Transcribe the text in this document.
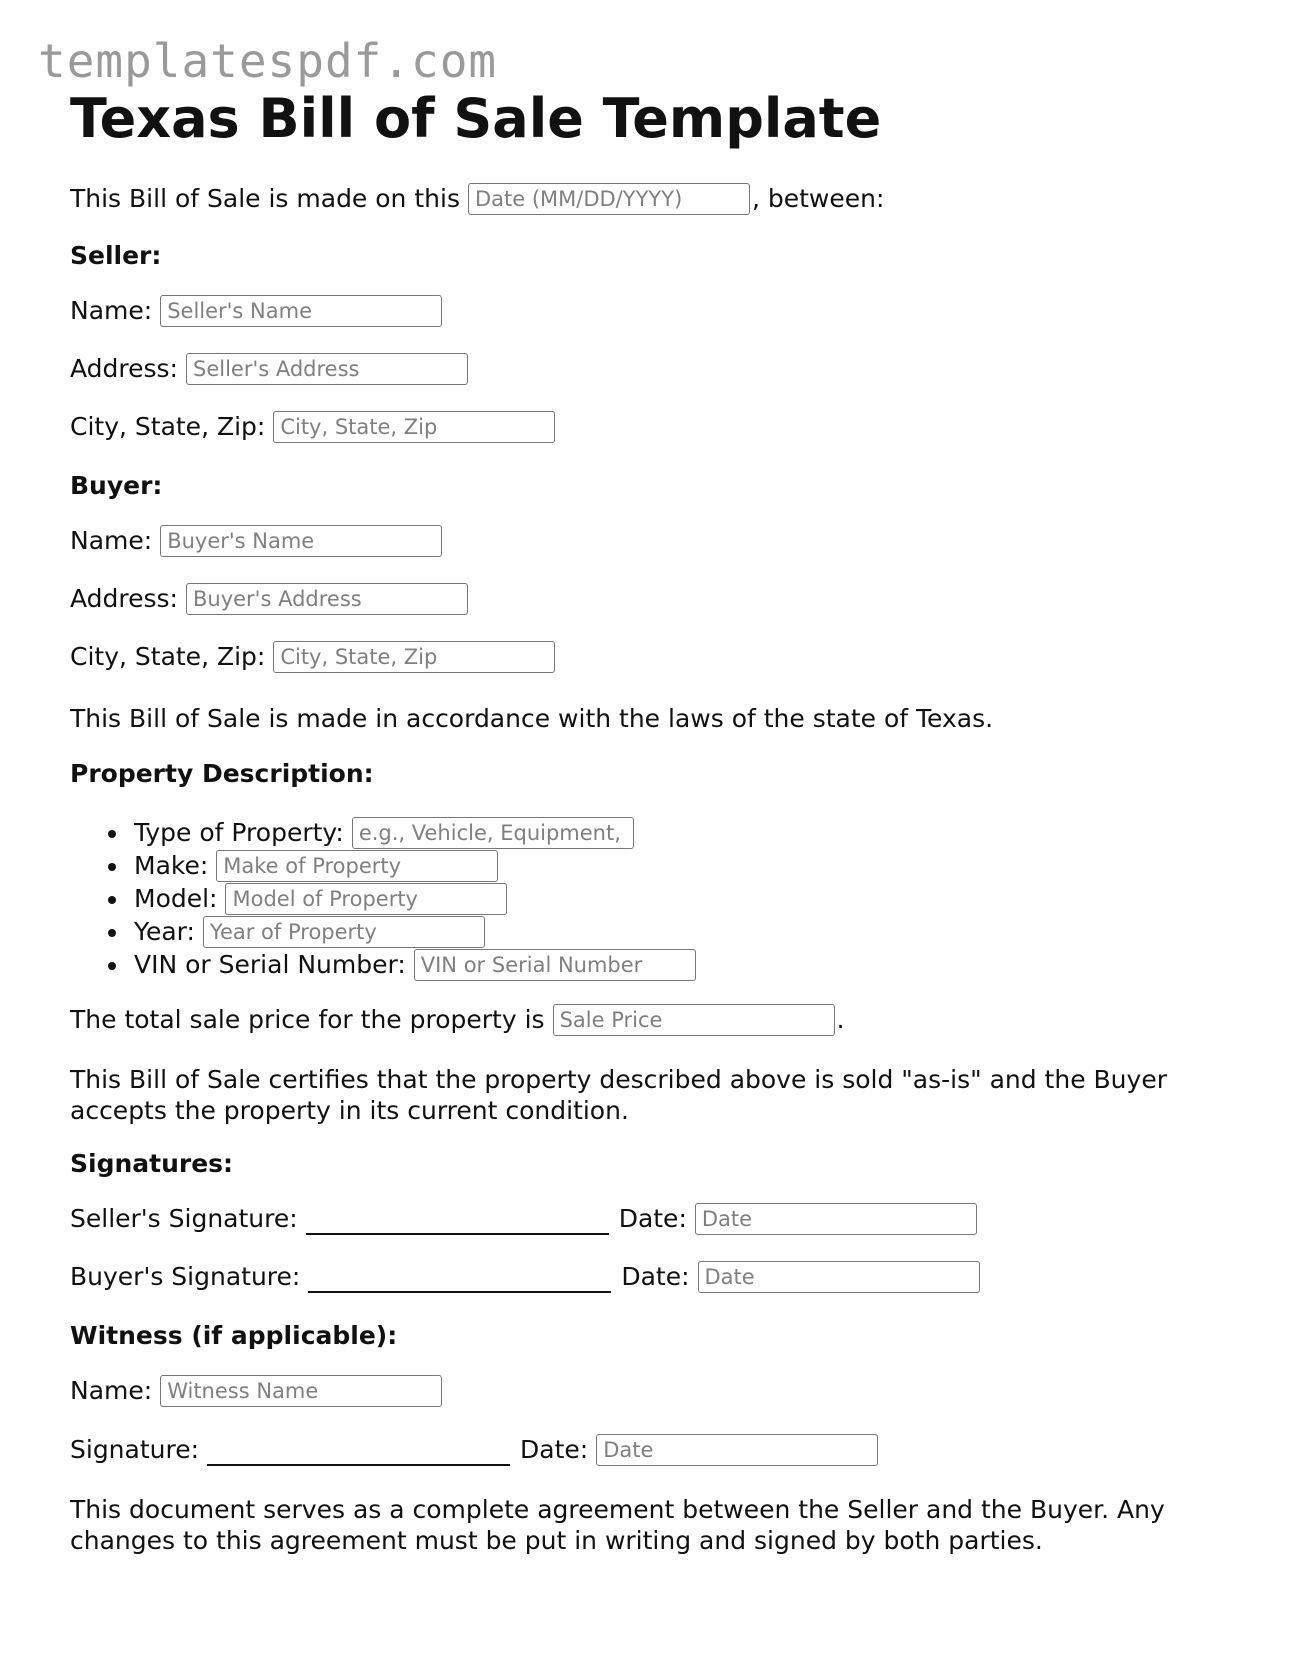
templatespdf.com
Texas Bill of Sale Template
This Bill of Sale is made on this
Date (MM/DD/YYYY)	, between:
Seller:
Name:
Seller's Name
Address:
Seller's Address
City, State, Zip:
City, State, Zip
Buyer:
Name:
Buyer's Name
Address:
Buyer's Address
City, State, Zip:
City, State, Zip
This Bill of Sale is made in accordance with the laws of the state of Texas.
Property Description:
Type of Property:
e.g., Vehicle, Equipment, etc.
Make:
Make of Property
Model:
Model of Property
Year:
Year of Property
VIN or Serial Number:
VIN or Serial Number
The total sale price for the property is
Sale Price	.
This Bill of Sale certifies that the property described above is sold "as-is" and the Buyer accepts the property in its current condition.
Signatures:
Seller's Signature:	Date:
Date
Buyer's Signature:	Date:
Date
Witness (if applicable):
Name:
Witness Name
Signature:	Date:
Date
This document serves as a complete agreement between the Seller and the Buyer. Any changes to this agreement must be put in writing and signed by both parties.
